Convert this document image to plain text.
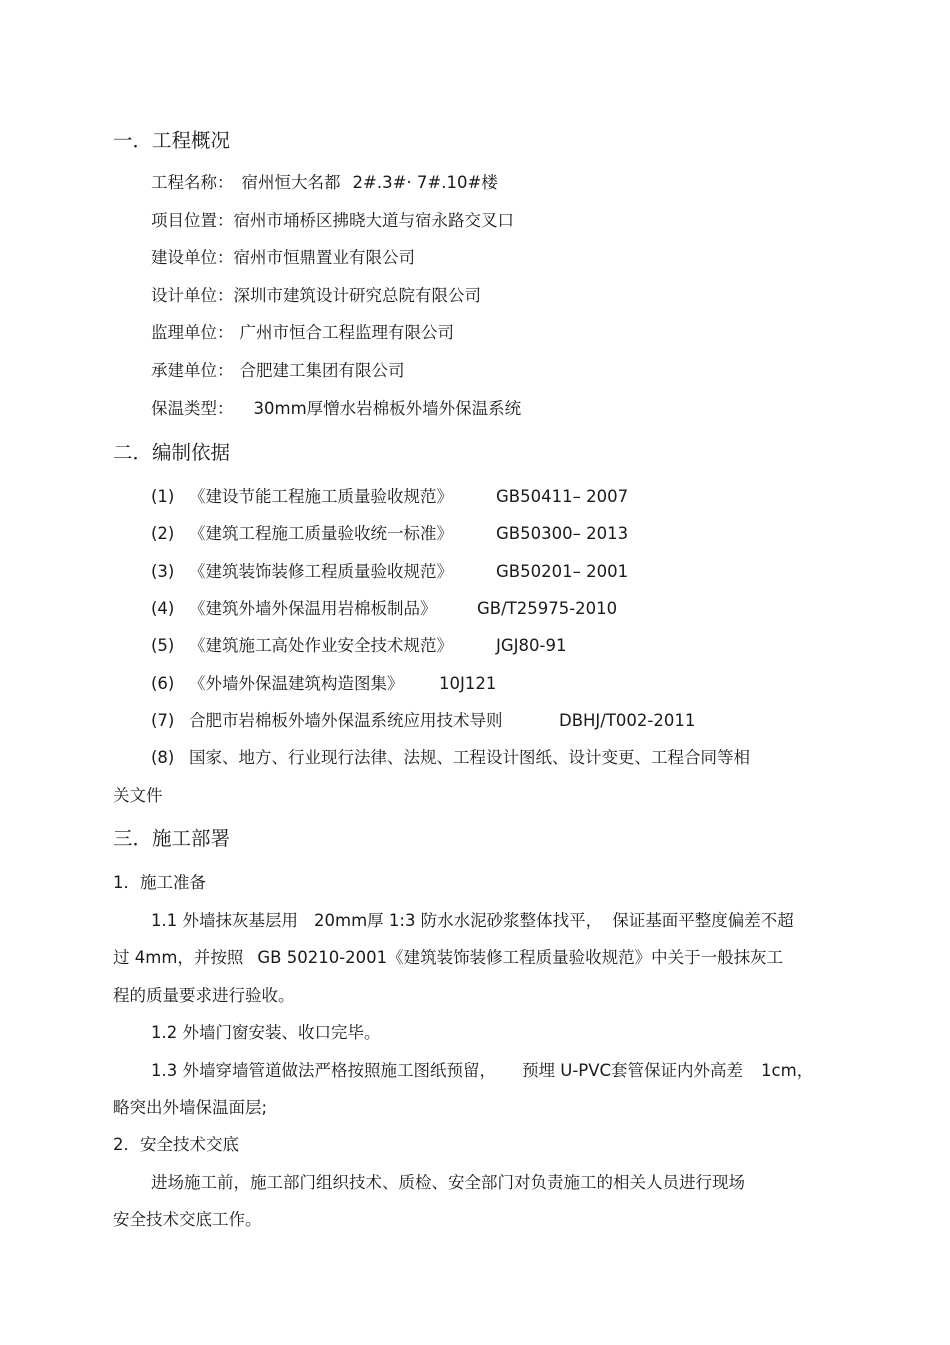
一．工程概况
工程名称： 宿州恒大名都 2#.3#· 7#.10#楼
项目位置：宿州市埇桥区拂晓大道与宿永路交叉口
建设单位：宿州市恒鼎置业有限公司
设计单位：深圳市建筑设计研究总院有限公司
监理单位： 广州市恒合工程监理有限公司
承建单位： 合肥建工集团有限公司
保温类型： 30mm厚憎水岩棉板外墙外保温系统
二．编制依据
(1) 《建设节能工程施工质量验收规范》	GB50411– 2007
(2) 《建筑工程施工质量验收统一标准》	GB50300– 2013
(3) 《建筑装饰装修工程质量验收规范》	GB50201– 2001
(4) 《建筑外墙外保温用岩棉板制品》 GB/T25975-2010
(5) 《建筑施工高处作业安全技术规范》	JGJ80-91
(6) 《外墙外保温建筑构造图集》 10J121
(7) 合肥市岩棉板外墙外保温系统应用技术导则	DBHJ/T002-2011
(8) 国家、地方、行业现行法律、法规、工程设计图纸、设计变更、工程合同等相
关文件
三．施工部署
1．施工准备
1.1 外墙抹灰基层用 20mm厚 1:3 防水水泥砂浆整体找平， 保证基面平整度偏差不超
过 4mm，并按照 GB 50210-2001《建筑装饰装修工程质量验收规范》中关于一般抹灰工
程的质量要求进行验收。
1.2 外墙门窗安装、收口完毕。
1.3 外墙穿墙管道做法严格按照施工图纸预留， 预埋 U-PVC套管保证内外高差 1cm，
略突出外墙保温面层;
2．安全技术交底
进场施工前，施工部门组织技术、质检、安全部门对负责施工的相关人员进行现场
安全技术交底工作。
